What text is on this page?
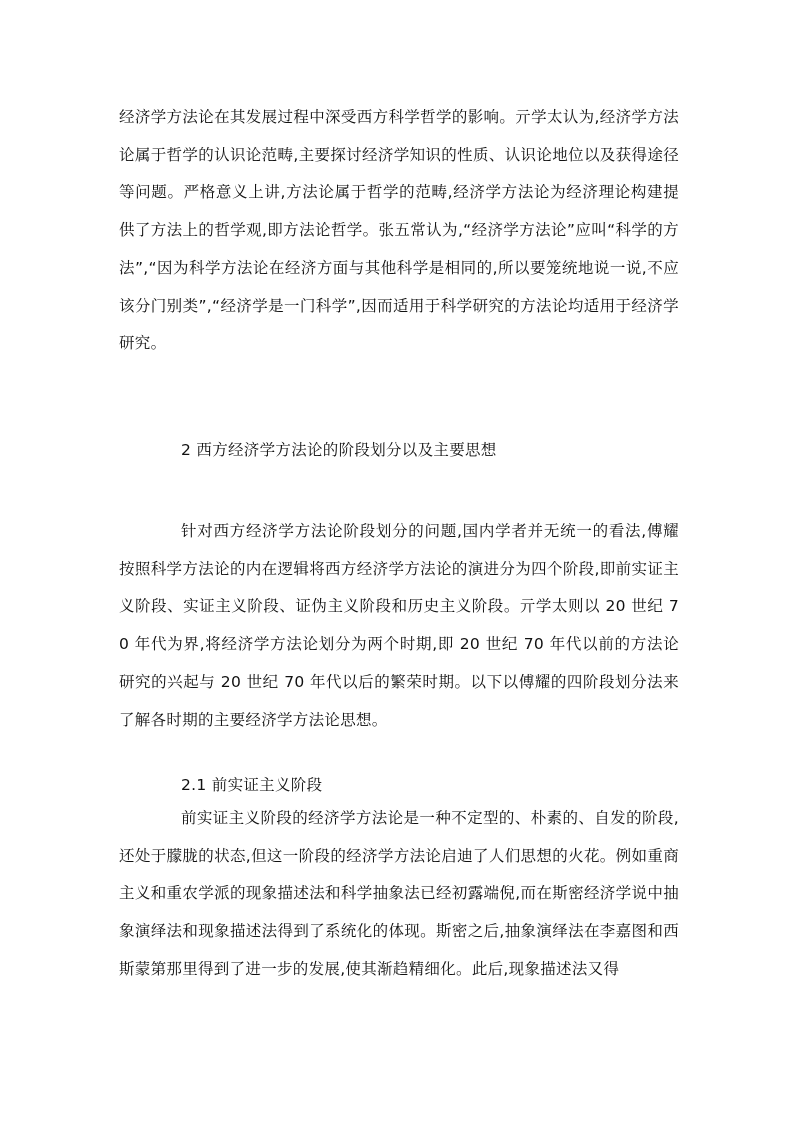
经济学方法论在其发展过程中深受西方科学哲学的影响。亓学太认为,经济学方法论属于哲学的认识论范畴,主要探讨经济学知识的性质、认识论地位以及获得途径等问题。严格意义上讲,方法论属于哲学的范畴,经济学方法论为经济理论构建提供了方法上的哲学观,即方法论哲学。张五常认为,“经济学方法论”应叫“科学的方法”,“因为科学方法论在经济方面与其他科学是相同的,所以要笼统地说一说,不应该分门别类”,“经济学是一门科学”,因而适用于科学研究的方法论均适用于经济学研究。

2 西方经济学方法论的阶段划分以及主要思想

针对西方经济学方法论阶段划分的问题,国内学者并无统一的看法,傅耀按照科学方法论的内在逻辑将西方经济学方法论的演进分为四个阶段,即前实证主义阶段、实证主义阶段、证伪主义阶段和历史主义阶段。亓学太则以 20 世纪 70 年代为界,将经济学方法论划分为两个时期,即 20 世纪 70 年代以前的方法论研究的兴起与 20 世纪 70 年代以后的繁荣时期。以下以傅耀的四阶段划分法来了解各时期的主要经济学方法论思想。

2.1 前实证主义阶段

前实证主义阶段的经济学方法论是一种不定型的、朴素的、自发的阶段,还处于朦胧的状态,但这一阶段的经济学方法论启迪了人们思想的火花。例如重商主义和重农学派的现象描述法和科学抽象法已经初露端倪,而在斯密经济学说中抽象演绎法和现象描述法得到了系统化的体现。斯密之后,抽象演绎法在李嘉图和西斯蒙第那里得到了进一步的发展,使其渐趋精细化。此后,现象描述法又得
